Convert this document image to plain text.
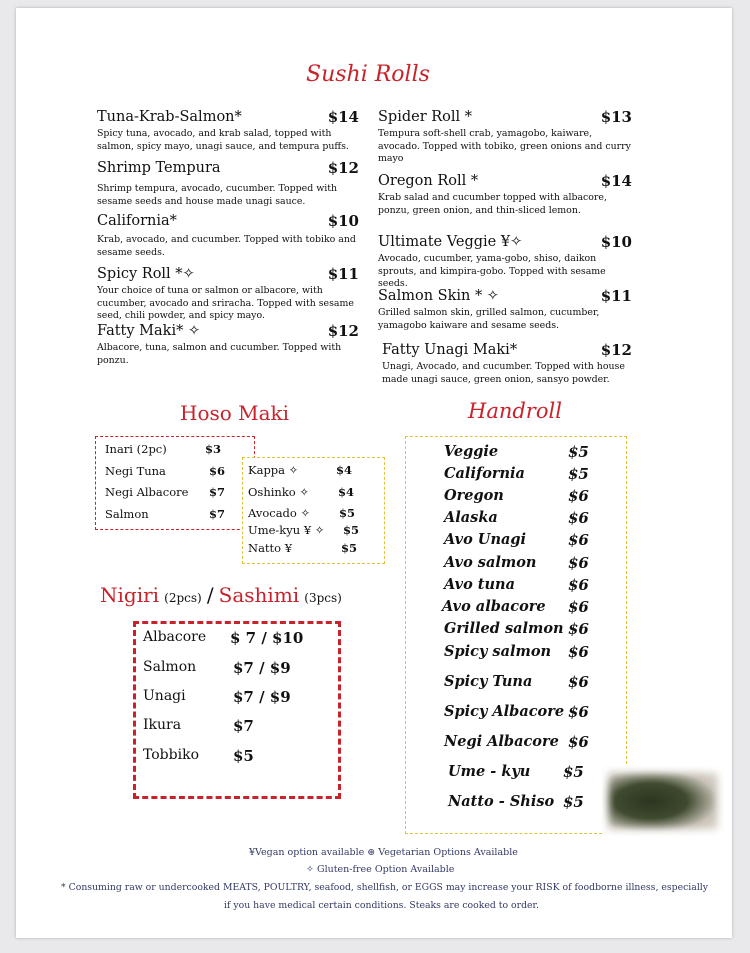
Sushi Rolls
Tuna-Krab-Salmon*	$14
Spicy tuna, avocado, and krab salad, topped with salmon, spicy mayo, unagi sauce, and tempura puffs.
Shrimp Tempura	$12
Shrimp tempura, avocado, cucumber. Topped with sesame seeds and house made unagi sauce.
California*	$10
Krab, avocado, and cucumber. Topped with tobiko and sesame seeds.
Spicy Roll *✧	$11
Your choice of tuna or salmon or albacore, with cucumber, avocado and sriracha. Topped with sesame seed, chili powder, and spicy mayo.
Fatty Maki* ✧	$12
Albacore, tuna, salmon and cucumber. Topped with ponzu.
Spider Roll *	$13
Tempura soft-shell crab, yamagobo, kaiware, avocado. Topped with tobiko, green onions and curry mayo
Oregon Roll *	$14
Krab salad and cucumber topped with albacore, ponzu, green onion, and thin-sliced lemon.
Ultimate Veggie ¥✧	$10
Avocado, cucumber, yama-gobo, shiso, daikon sprouts, and kimpira-gobo. Topped with sesame seeds.
Salmon Skin * ✧	$11
Grilled salmon skin, grilled salmon, cucumber, yamagobo kaiware and sesame seeds.
Fatty Unagi Maki*	$12
Unagi, Avocado, and cucumber. Topped with house made unagi sauce, green onion, sansyo powder.
Hoso Maki
Inari (2pc)	$3
Negi Tuna	$6
Negi Albacore $7
Salmon	$7
Kappa ✧	$4
Oshinko ✧	$4
Avocado ✧	$5
Ume-kyu ¥ ✧ $5
Natto ¥	$5
Nigiri (2pcs) / Sashimi (3pcs)
Albacore $ 7 / $10
Salmon $7 / $9
Unagi	$7 / $9
Ikura	$7
Tobbiko $5
Handroll
Veggie	$5
California	$5
Oregon	$6
Alaska	$6
Avo Unagi	$6
Avo salmon $6
Avo tuna	$6
Avo albacore $6
Grilled salmon $6
Spicy salmon $6
Spicy Tuna $6
Spicy Albacore $6
Negi Albacore $6
Ume - kyu $5
Natto - Shiso $5
¥Vegan option available ⊛ Vegetarian Options Available
✧ Gluten-free Option Available
* Consuming raw or undercooked MEATS, POULTRY, seafood, shellfish, or EGGS may increase your RISK of foodborne illness, especially
if you have medical certain conditions. Steaks are cooked to order.
